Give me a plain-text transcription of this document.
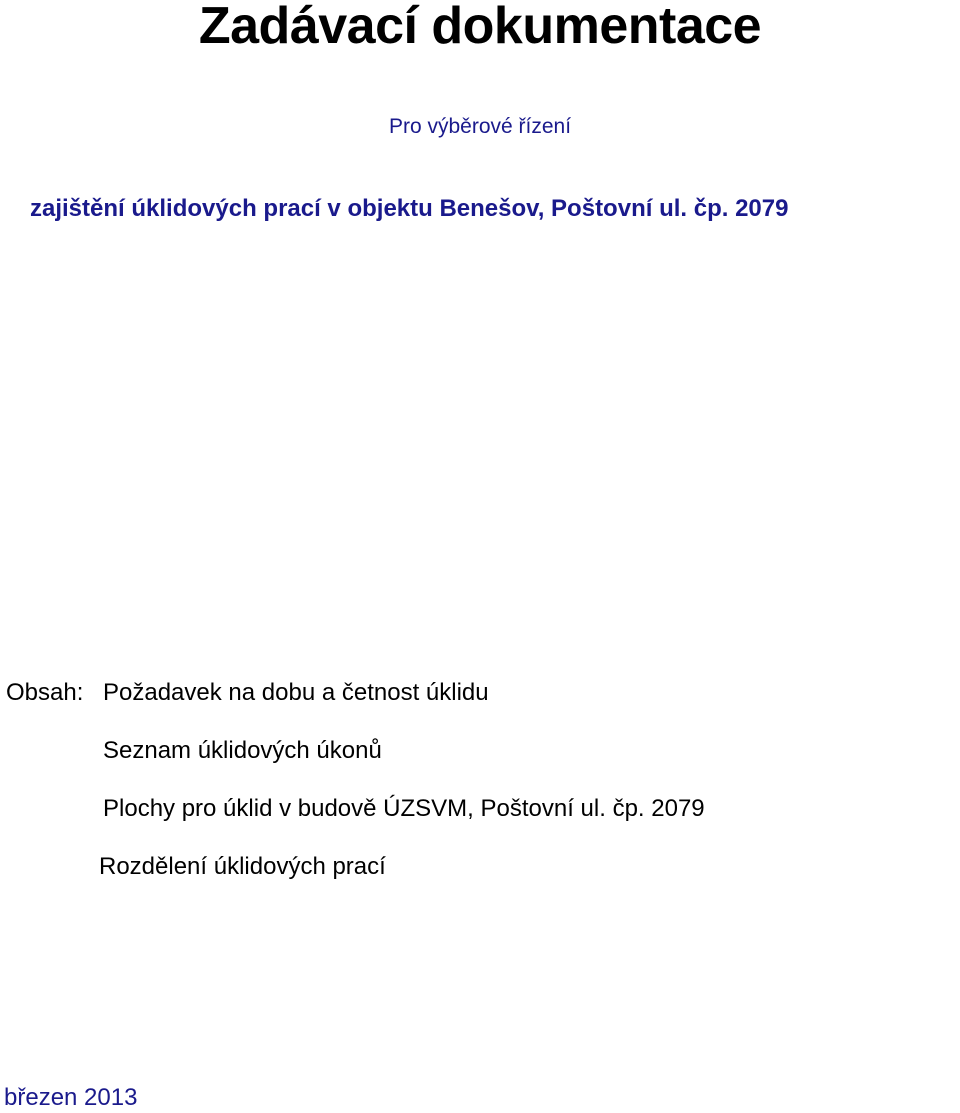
Zadávací dokumentace
Pro výběrové řízení
zajištění úklidových prací v objektu Benešov, Poštovní ul. čp. 2079
Obsah: Požadavek na dobu a četnost úklidu
Seznam úklidových úkonů
Plochy pro úklid v budově ÚZSVM, Poštovní ul. čp. 2079
Rozdělení úklidových prací
březen 2013
